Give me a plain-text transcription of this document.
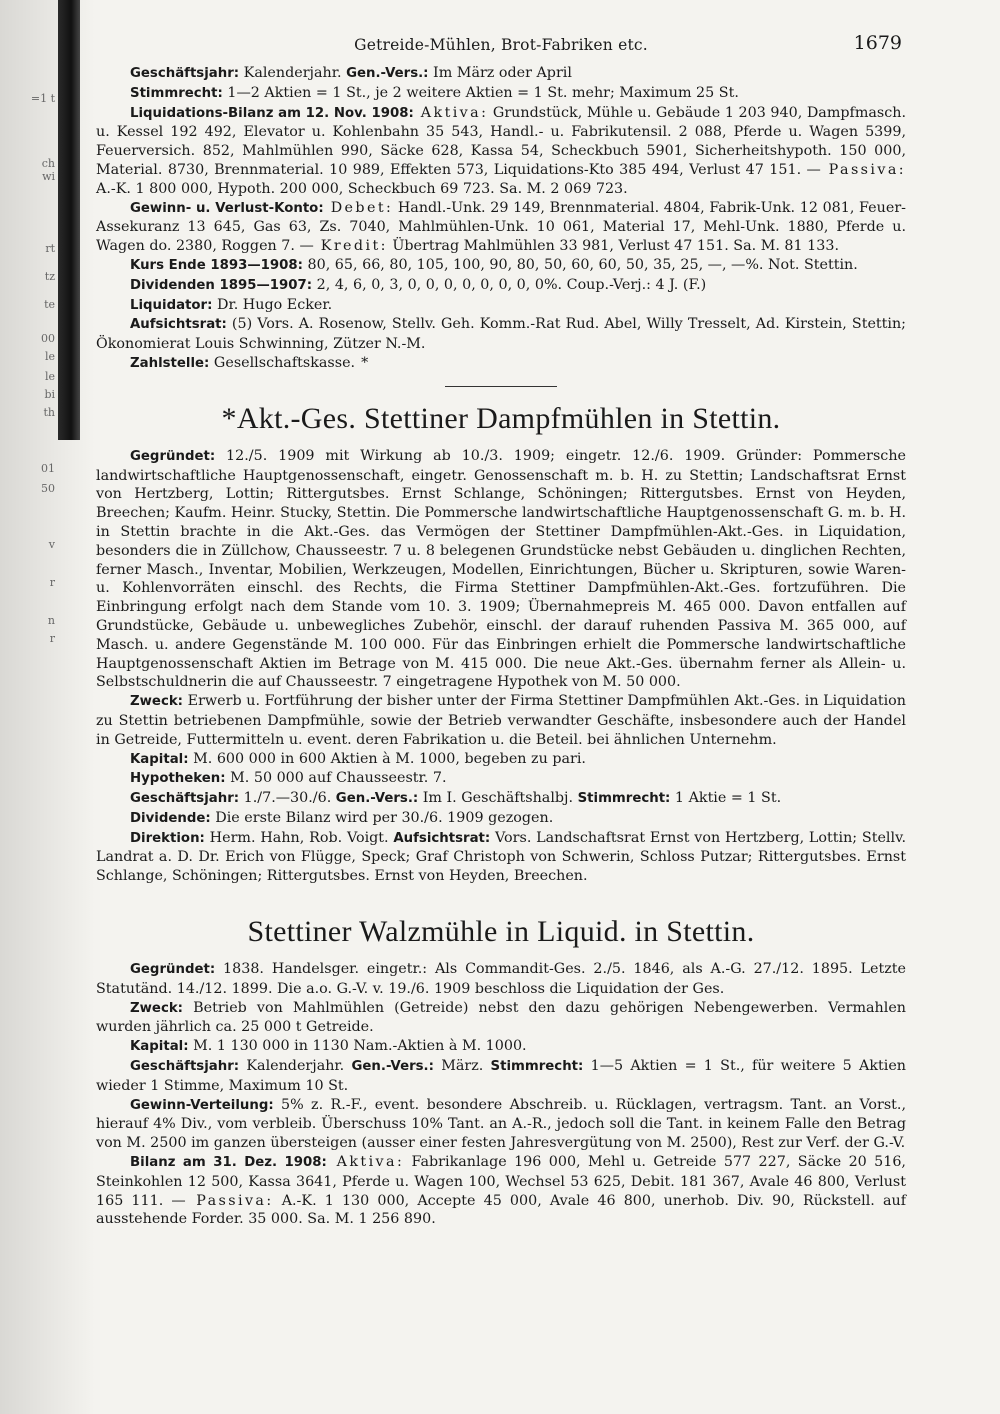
=1 t
ch
wi
rt
tz
te
00
le
le
bi
th
01
50
v
r
n
r
Getreide-Mühlen, Brot-Fabriken etc.	1679

Geschäftsjahr: Kalenderjahr. Gen.-Vers.: Im März oder April

Stimmrecht: 1—2 Aktien = 1 St., je 2 weitere Aktien = 1 St. mehr; Maximum 25 St.

Liquidations-Bilanz am 12. Nov. 1908: Aktiva: Grundstück, Mühle u. Gebäude 1 203 940, Dampfmasch. u. Kessel 192 492, Elevator u. Kohlenbahn 35 543, Handl.- u. Fabrikutensil. 2 088, Pferde u. Wagen 5399, Feuerversich. 852, Mahlmühlen 990, Säcke 628, Kassa 54, Scheckbuch 5901, Sicherheitshypoth. 150 000, Material. 8730, Brennmaterial. 10 989, Effekten 573, Liquidations-Kto 385 494, Verlust 47 151. — Passiva: A.-K. 1 800 000, Hypoth. 200 000, Scheckbuch 69 723. Sa. M. 2 069 723.

Gewinn- u. Verlust-Konto: Debet: Handl.-Unk. 29 149, Brennmaterial. 4804, Fabrik-Unk. 12 081, Feuer-Assekuranz 13 645, Gas 63, Zs. 7040, Mahlmühlen-Unk. 10 061, Material 17, Mehl-Unk. 1880, Pferde u. Wagen do. 2380, Roggen 7. — Kredit: Übertrag Mahlmühlen 33 981, Verlust 47 151. Sa. M. 81 133.

Kurs Ende 1893—1908: 80, 65, 66, 80, 105, 100, 90, 80, 50, 60, 60, 50, 35, 25, —, —%. Not. Stettin.

Dividenden 1895—1907: 2, 4, 6, 0, 3, 0, 0, 0, 0, 0, 0, 0, 0%. Coup.-Verj.: 4 J. (F.)

Liquidator: Dr. Hugo Ecker.

Aufsichtsrat: (5) Vors. A. Rosenow, Stellv. Geh. Komm.-Rat Rud. Abel, Willy Tresselt, Ad. Kirstein, Stettin; Ökonomierat Louis Schwinning, Zützer N.-M.

Zahlstelle: Gesellschaftskasse. *

*Akt.-Ges. Stettiner Dampfmühlen in Stettin.

Gegründet: 12./5. 1909 mit Wirkung ab 10./3. 1909; eingetr. 12./6. 1909. Gründer: Pommersche landwirtschaftliche Hauptgenossenschaft, eingetr. Genossenschaft m. b. H. zu Stettin; Landschaftsrat Ernst von Hertzberg, Lottin; Rittergutsbes. Ernst Schlange, Schöningen; Rittergutsbes. Ernst von Heyden, Breechen; Kaufm. Heinr. Stucky, Stettin. Die Pommersche landwirtschaftliche Hauptgenossenschaft G. m. b. H. in Stettin brachte in die Akt.-Ges. das Vermögen der Stettiner Dampfmühlen-Akt.-Ges. in Liquidation, besonders die in Züllchow, Chausseestr. 7 u. 8 belegenen Grundstücke nebst Gebäuden u. dinglichen Rechten, ferner Masch., Inventar, Mobilien, Werkzeugen, Modellen, Einrichtungen, Bücher u. Skripturen, sowie Waren- u. Kohlenvorräten einschl. des Rechts, die Firma Stettiner Dampfmühlen-Akt.-Ges. fortzuführen. Die Einbringung erfolgt nach dem Stande vom 10. 3. 1909; Übernahmepreis M. 465 000. Davon entfallen auf Grundstücke, Gebäude u. unbewegliches Zubehör, einschl. der darauf ruhenden Passiva M. 365 000, auf Masch. u. andere Gegenstände M. 100 000. Für das Einbringen erhielt die Pommersche landwirtschaftliche Hauptgenossenschaft Aktien im Betrage von M. 415 000. Die neue Akt.-Ges. übernahm ferner als Allein- u. Selbstschuldnerin die auf Chausseestr. 7 eingetragene Hypothek von M. 50 000.

Zweck: Erwerb u. Fortführung der bisher unter der Firma Stettiner Dampfmühlen Akt.-Ges. in Liquidation zu Stettin betriebenen Dampfmühle, sowie der Betrieb verwandter Geschäfte, insbesondere auch der Handel in Getreide, Futtermitteln u. event. deren Fabrikation u. die Beteil. bei ähnlichen Unternehm.

Kapital: M. 600 000 in 600 Aktien à M. 1000, begeben zu pari.

Hypotheken: M. 50 000 auf Chausseestr. 7.

Geschäftsjahr: 1./7.—30./6. Gen.-Vers.: Im I. Geschäftshalbj. Stimmrecht: 1 Aktie = 1 St.

Dividende: Die erste Bilanz wird per 30./6. 1909 gezogen.

Direktion: Herm. Hahn, Rob. Voigt. Aufsichtsrat: Vors. Landschaftsrat Ernst von Hertzberg, Lottin; Stellv. Landrat a. D. Dr. Erich von Flügge, Speck; Graf Christoph von Schwerin, Schloss Putzar; Rittergutsbes. Ernst Schlange, Schöningen; Rittergutsbes. Ernst von Heyden, Breechen.

Stettiner Walzmühle in Liquid. in Stettin.

Gegründet: 1838. Handelsger. eingetr.: Als Commandit-Ges. 2./5. 1846, als A.-G. 27./12. 1895. Letzte Statutänd. 14./12. 1899. Die a.o. G.-V. v. 19./6. 1909 beschloss die Liquidation der Ges.

Zweck: Betrieb von Mahlmühlen (Getreide) nebst den dazu gehörigen Nebengewerben. Vermahlen wurden jährlich ca. 25 000 t Getreide.

Kapital: M. 1 130 000 in 1130 Nam.-Aktien à M. 1000.

Geschäftsjahr: Kalenderjahr. Gen.-Vers.: März. Stimmrecht: 1—5 Aktien = 1 St., für weitere 5 Aktien wieder 1 Stimme, Maximum 10 St.

Gewinn-Verteilung: 5% z. R.-F., event. besondere Abschreib. u. Rücklagen, vertragsm. Tant. an Vorst., hierauf 4% Div., vom verbleib. Überschuss 10% Tant. an A.-R., jedoch soll die Tant. in keinem Falle den Betrag von M. 2500 im ganzen übersteigen (ausser einer festen Jahresvergütung von M. 2500), Rest zur Verf. der G.-V.

Bilanz am 31. Dez. 1908: Aktiva: Fabrikanlage 196 000, Mehl u. Getreide 577 227, Säcke 20 516, Steinkohlen 12 500, Kassa 3641, Pferde u. Wagen 100, Wechsel 53 625, Debit. 181 367, Avale 46 800, Verlust 165 111. — Passiva: A.-K. 1 130 000, Accepte 45 000, Avale 46 800, unerhob. Div. 90, Rückstell. auf ausstehende Forder. 35 000. Sa. M. 1 256 890.
